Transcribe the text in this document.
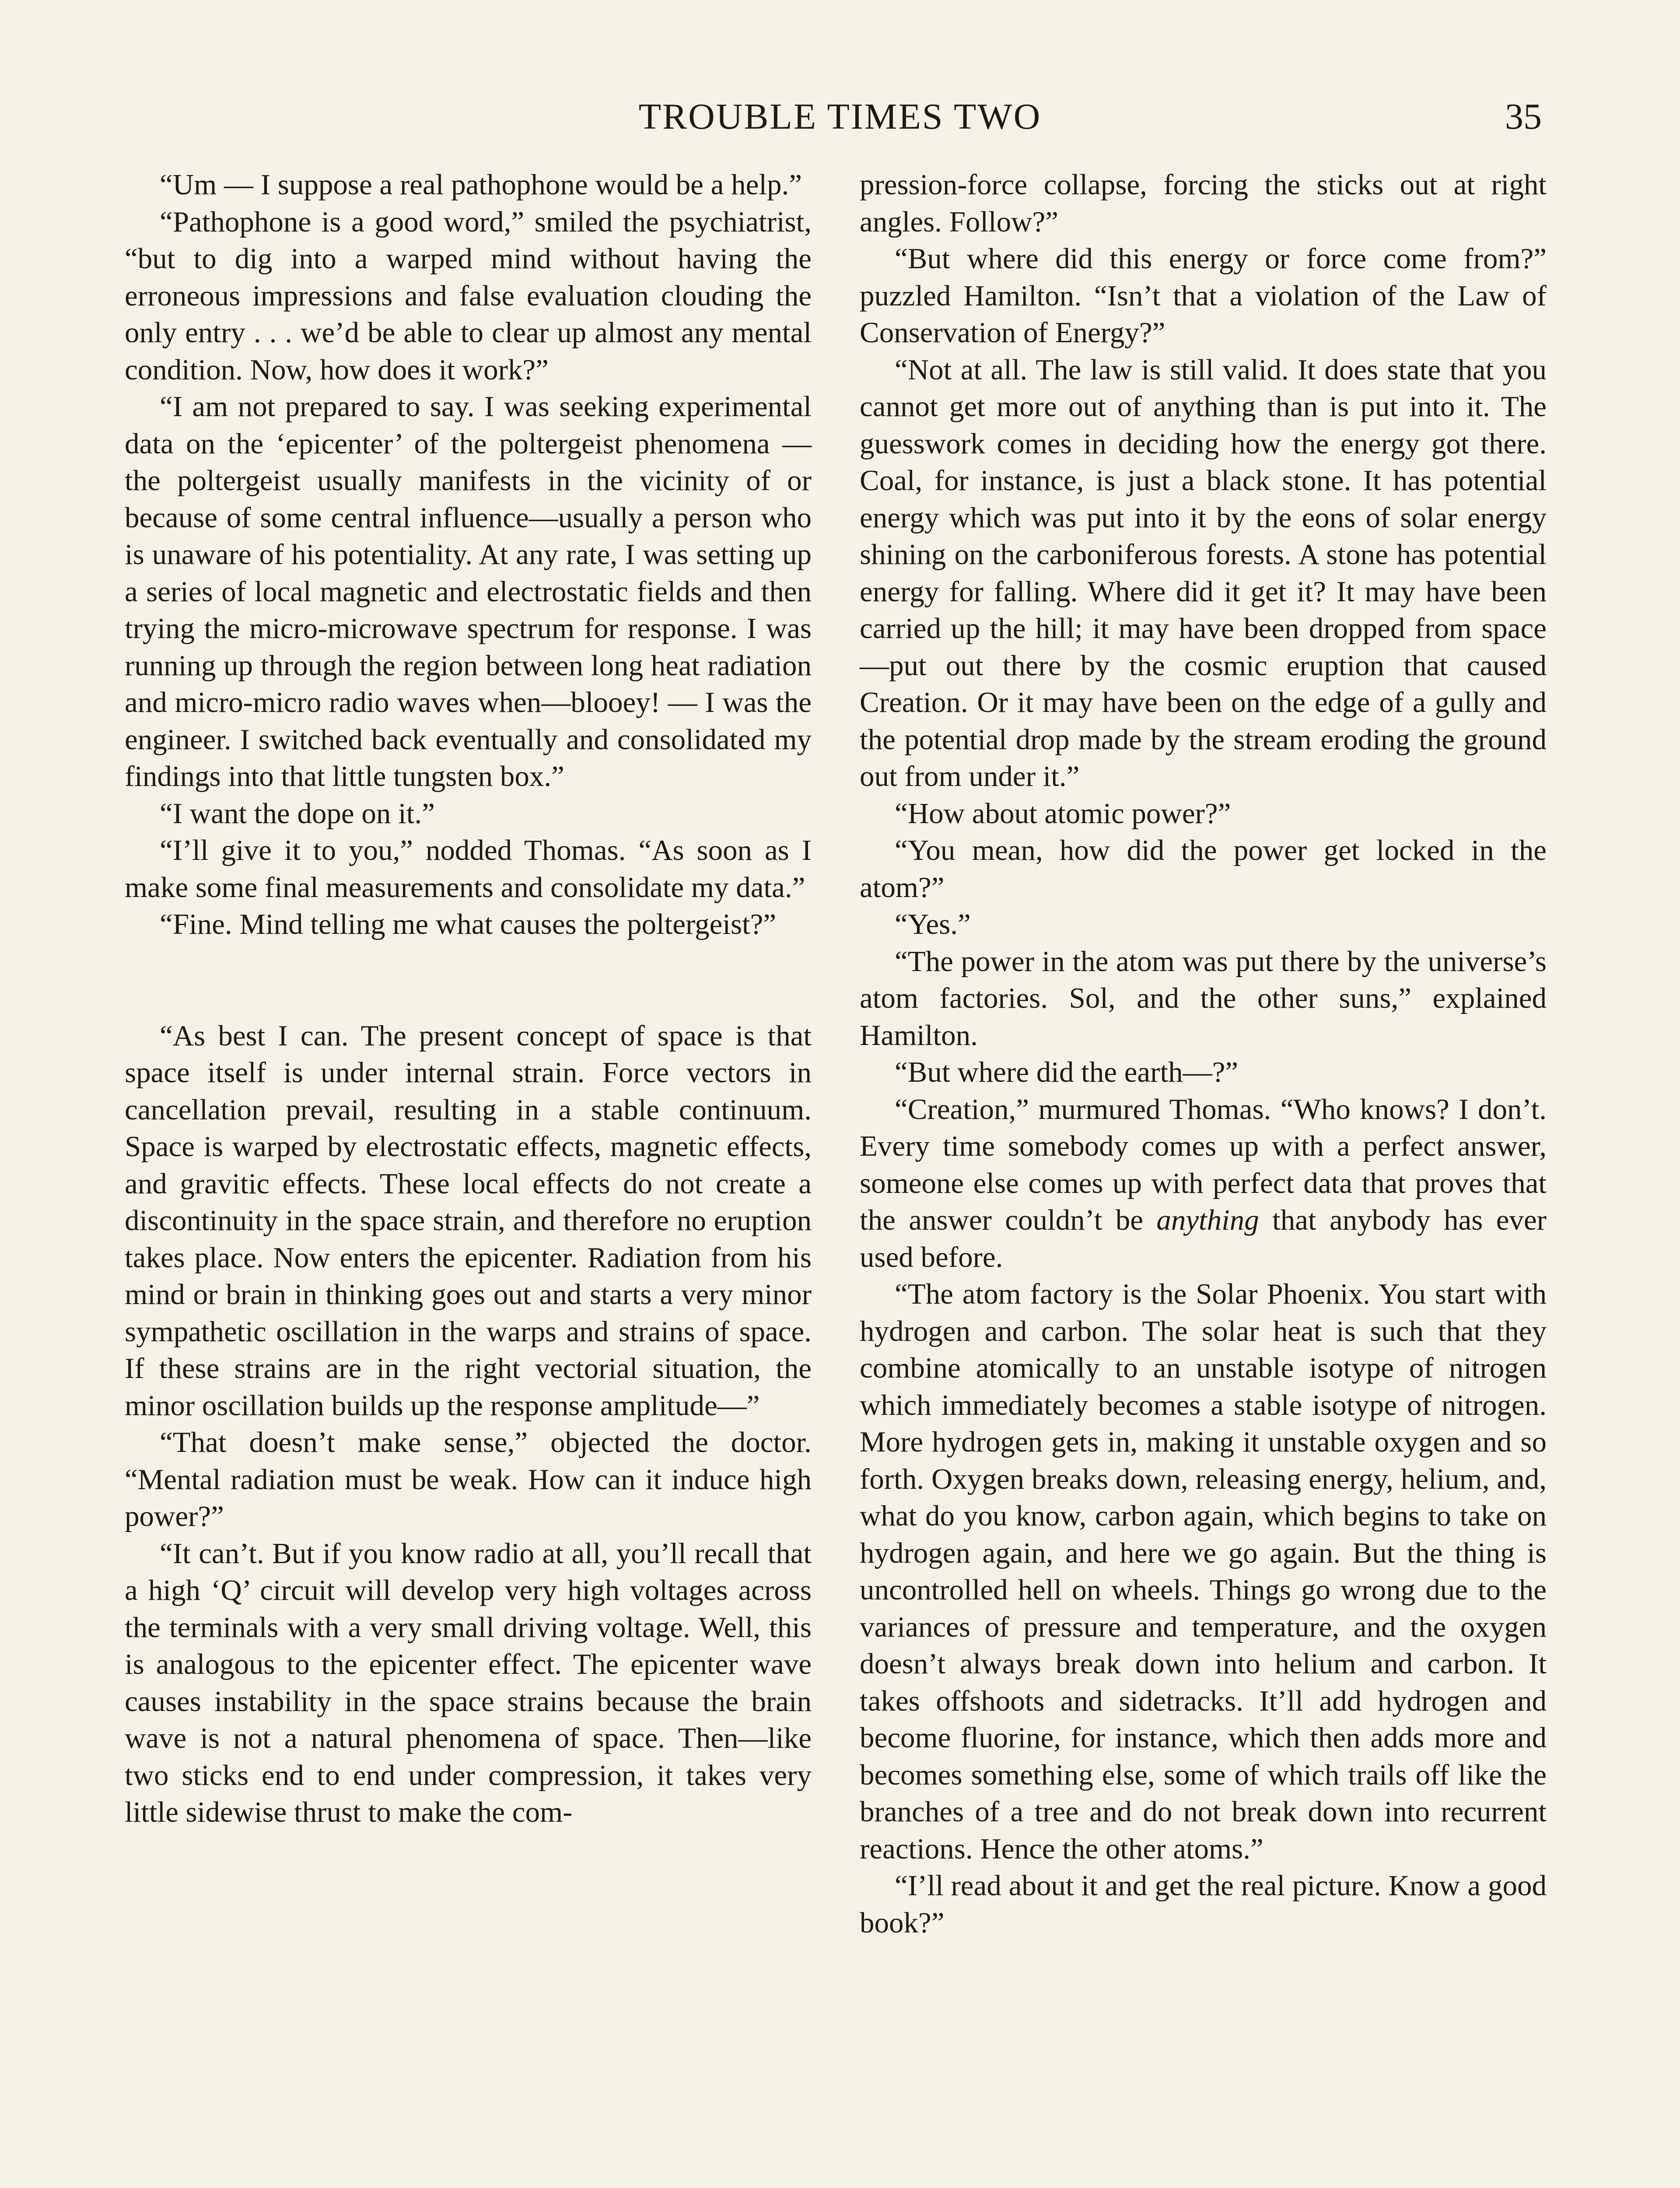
TROUBLE TIMES TWO	35

“Um — I suppose a real pathophone would be a help.”

“Pathophone is a good word,” smiled the psychiatrist, “but to dig into a warped mind without having the erroneous impressions and false evaluation clouding the only entry . . . we’d be able to clear up almost any mental condition. Now, how does it work?”

“I am not prepared to say. I was seeking experimental data on the ‘epicenter’ of the poltergeist phenomena — the poltergeist usually manifests in the vicinity of or because of some central influence—usually a person who is unaware of his potentiality. At any rate, I was setting up a series of local magnetic and electrostatic fields and then trying the micro-microwave spectrum for response. I was running up through the region between long heat radiation and micro-micro radio waves when—blooey! — I was the engineer. I switched back eventually and consolidated my findings into that little tungsten box.”

“I want the dope on it.”

“I’ll give it to you,” nodded Thomas. “As soon as I make some final measurements and consolidate my data.”

“Fine. Mind telling me what causes the poltergeist?”

“As best I can. The present concept of space is that space itself is under internal strain. Force vectors in cancellation prevail, resulting in a stable continuum. Space is warped by electrostatic effects, magnetic effects, and gravitic effects. These local effects do not create a discontinuity in the space strain, and therefore no eruption takes place. Now enters the epicenter. Radiation from his mind or brain in thinking goes out and starts a very minor sympathetic oscillation in the warps and strains of space. If these strains are in the right vectorial situation, the minor oscillation builds up the response amplitude—”

“That doesn’t make sense,” objected the doctor. “Mental radiation must be weak. How can it induce high power?”

“It can’t. But if you know radio at all, you’ll recall that a high ‘Q’ circuit will develop very high voltages across the terminals with a very small driving voltage. Well, this is analogous to the epicenter effect. The epicenter wave causes instability in the space strains because the brain wave is not a natural phenomena of space. Then—like two sticks end to end under compression, it takes very little sidewise thrust to make the com-

pression-force collapse, forcing the sticks out at right angles. Follow?”

“But where did this energy or force come from?” puzzled Hamilton. “Isn’t that a violation of the Law of Conservation of Energy?”

“Not at all. The law is still valid. It does state that you cannot get more out of anything than is put into it. The guesswork comes in deciding how the energy got there. Coal, for instance, is just a black stone. It has potential energy which was put into it by the eons of solar energy shining on the carboniferous forests. A stone has potential energy for falling. Where did it get it? It may have been carried up the hill; it may have been dropped from space—put out there by the cosmic eruption that caused Creation. Or it may have been on the edge of a gully and the potential drop made by the stream eroding the ground out from under it.”

“How about atomic power?”

“You mean, how did the power get locked in the atom?”

“Yes.”

“The power in the atom was put there by the universe’s atom factories. Sol, and the other suns,” explained Hamilton.

“But where did the earth—?”

“Creation,” murmured Thomas. “Who knows? I don’t. Every time somebody comes up with a perfect answer, someone else comes up with perfect data that proves that the answer couldn’t be anything that anybody has ever used before.

“The atom factory is the Solar Phoenix. You start with hydrogen and carbon. The solar heat is such that they combine atomically to an unstable isotype of nitrogen which immediately becomes a stable isotype of nitrogen. More hydrogen gets in, making it unstable oxygen and so forth. Oxygen breaks down, releasing energy, helium, and, what do you know, carbon again, which begins to take on hydrogen again, and here we go again. But the thing is uncontrolled hell on wheels. Things go wrong due to the variances of pressure and temperature, and the oxygen doesn’t always break down into helium and carbon. It takes offshoots and sidetracks. It’ll add hydrogen and become fluorine, for instance, which then adds more and becomes something else, some of which trails off like the branches of a tree and do not break down into recurrent reactions. Hence the other atoms.”

“I’ll read about it and get the real picture. Know a good book?”
